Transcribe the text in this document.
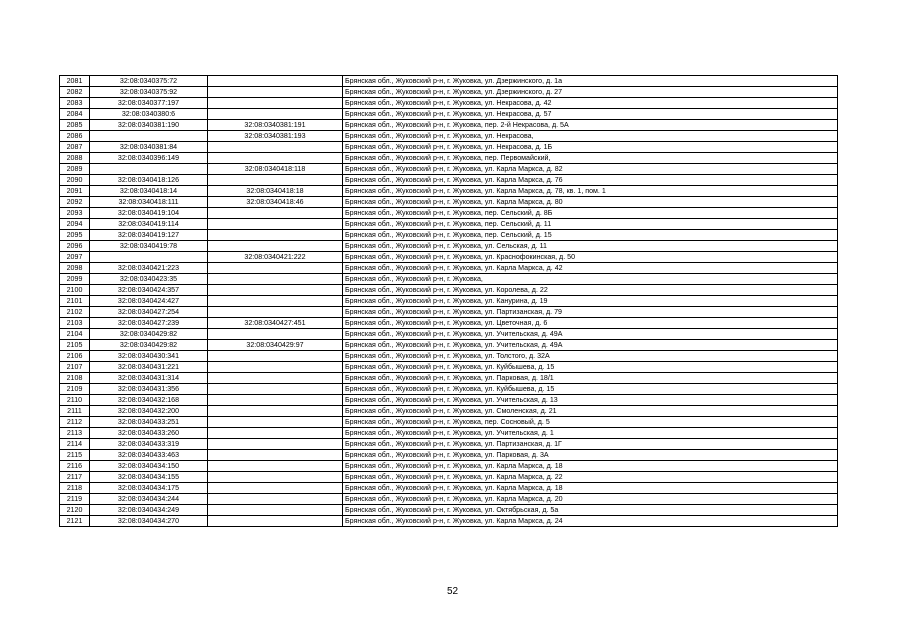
2081	32:08:0340375:72		Брянская обл., Жуковский р-н, г. Жуковка, ул. Дзержинского, д. 1а
2082	32:08:0340375:92		Брянская обл., Жуковский р-н, г. Жуковка, ул. Дзержинского, д. 27
2083	32:08:0340377:197		Брянская обл., Жуковский р-н, г. Жуковка, ул. Некрасова, д. 42
2084	32:08:0340380:6		Брянская обл., Жуковский р-н, г. Жуковка, ул. Некрасова, д. 57
2085	32:08:0340381:190	32:08:0340381:191	Брянская обл., Жуковский р-н, г. Жуковка, пер. 2-й Некрасова, д. 5А
2086		32:08:0340381:193	Брянская обл., Жуковский р-н, г. Жуковка, ул. Некрасова,
2087	32:08:0340381:84		Брянская обл., Жуковский р-н, г. Жуковка, ул. Некрасова, д. 1Б
2088	32:08:0340396:149		Брянская обл., Жуковский р-н, г. Жуковка, пер. Первомайский,
2089		32:08:0340418:118	Брянская обл., Жуковский р-н, г. Жуковка, ул. Карла Маркса, д. 82
2090	32:08:0340418:126		Брянская обл., Жуковский р-н, г. Жуковка, ул. Карла Маркса, д. 76
2091	32:08:0340418:14	32:08:0340418:18	Брянская обл., Жуковский р-н, г. Жуковка, ул. Карла Маркса, д. 78, кв. 1, пом. 1
2092	32:08:0340418:111	32:08:0340418:46	Брянская обл., Жуковский р-н, г. Жуковка, ул. Карла Маркса, д. 80
2093	32:08:0340419:104		Брянская обл., Жуковский р-н, г. Жуковка, пер. Сельский, д. 8Б
2094	32:08:0340419:114		Брянская обл., Жуковский р-н, г. Жуковка, пер. Сельский, д. 11
2095	32:08:0340419:127		Брянская обл., Жуковский р-н, г. Жуковка, пер. Сельский, д. 15
2096	32:08:0340419:78		Брянская обл., Жуковский р-н, г. Жуковка, ул. Сельская, д. 11
2097		32:08:0340421:222	Брянская обл., Жуковский р-н, г. Жуковка, ул. Краснофокинская, д. 50
2098	32:08:0340421:223		Брянская обл., Жуковский р-н, г. Жуковка, ул. Карла Маркса, д. 42
2099	32:08:0340423:35		Брянская обл., Жуковский р-н, г. Жуковка,
2100	32:08:0340424:357		Брянская обл., Жуковский р-н, г. Жуковка, ул. Королева, д. 22
2101	32:08:0340424:427		Брянская обл., Жуковский р-н, г. Жуковка, ул. Канурина, д. 19
2102	32:08:0340427:254		Брянская обл., Жуковский р-н, г. Жуковка, ул. Партизанская, д. 79
2103	32:08:0340427:239	32:08:0340427:451	Брянская обл., Жуковский р-н, г. Жуковка, ул. Цветочная, д. 6
2104	32:08:0340429:82		Брянская обл., Жуковский р-н, г. Жуковка, ул. Учительская, д. 49А
2105	32:08:0340429:82	32:08:0340429:97	Брянская обл., Жуковский р-н, г. Жуковка, ул. Учительская, д. 49А
2106	32:08:0340430:341		Брянская обл., Жуковский р-н, г. Жуковка, ул. Толстого, д. 32А
2107	32:08:0340431:221		Брянская обл., Жуковский р-н, г. Жуковка, ул. Куйбышева, д. 15
2108	32:08:0340431:314		Брянская обл., Жуковский р-н, г. Жуковка, ул. Парковая, д. 18/1
2109	32:08:0340431:356		Брянская обл., Жуковский р-н, г. Жуковка, ул. Куйбышева, д. 15
2110	32:08:0340432:168		Брянская обл., Жуковский р-н, г. Жуковка, ул. Учительская, д. 13
2111	32:08:0340432:200		Брянская обл., Жуковский р-н, г. Жуковка, ул. Смоленская, д. 21
2112	32:08:0340433:251		Брянская обл., Жуковский р-н, г. Жуковка, пер. Сосновый, д. 5
2113	32:08:0340433:260		Брянская обл., Жуковский р-н, г. Жуковка, ул. Учительская, д. 1
2114	32:08:0340433:319		Брянская обл., Жуковский р-н, г. Жуковка, ул. Партизанская, д. 1Г
2115	32:08:0340433:463		Брянская обл., Жуковский р-н, г. Жуковка, ул. Парковая, д. 3А
2116	32:08:0340434:150		Брянская обл., Жуковский р-н, г. Жуковка, ул. Карла Маркса, д. 18
2117	32:08:0340434:155		Брянская обл., Жуковский р-н, г. Жуковка, ул. Карла Маркса, д. 22
2118	32:08:0340434:175		Брянская обл., Жуковский р-н, г. Жуковка, ул. Карла Маркса, д. 18
2119	32:08:0340434:244		Брянская обл., Жуковский р-н, г. Жуковка, ул. Карла Маркса, д. 20
2120	32:08:0340434:249		Брянская обл., Жуковский р-н, г. Жуковка, ул. Октябрьская, д. 5а
2121	32:08:0340434:270		Брянская обл., Жуковский р-н, г. Жуковка, ул. Карла Маркса, д. 24
52
